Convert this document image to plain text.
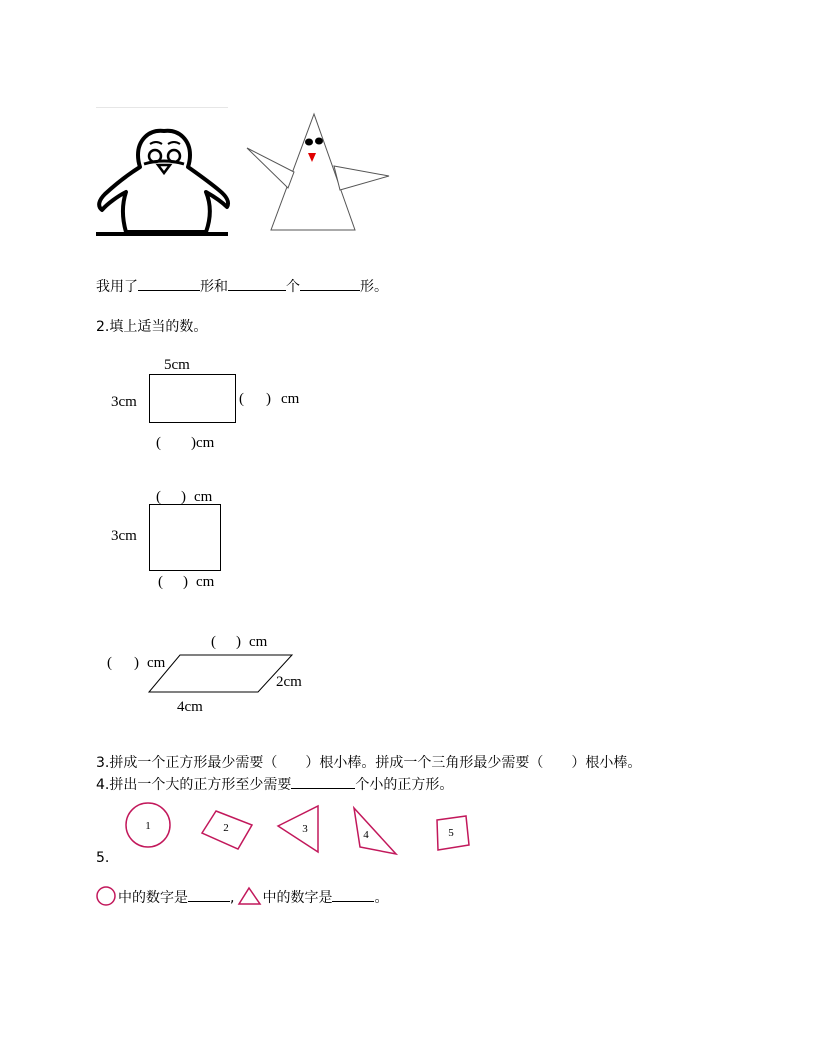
我用了	形和	个	形。
2.填上适当的数。
5cm
3cm	( ) cm
(　　)cm
( ) cm
3cm
( ) cm
( ) cm
( ) cm
2cm
4cm
3.拼成一个正方形最少需要（　　）根小棒。拼成一个三角形最少需要（　　）根小棒。
4.拼出一个大的正方形至少需要	个小的正方形。
1	2	3	4	5
5.
中的数字是	, 中的数字是	。
